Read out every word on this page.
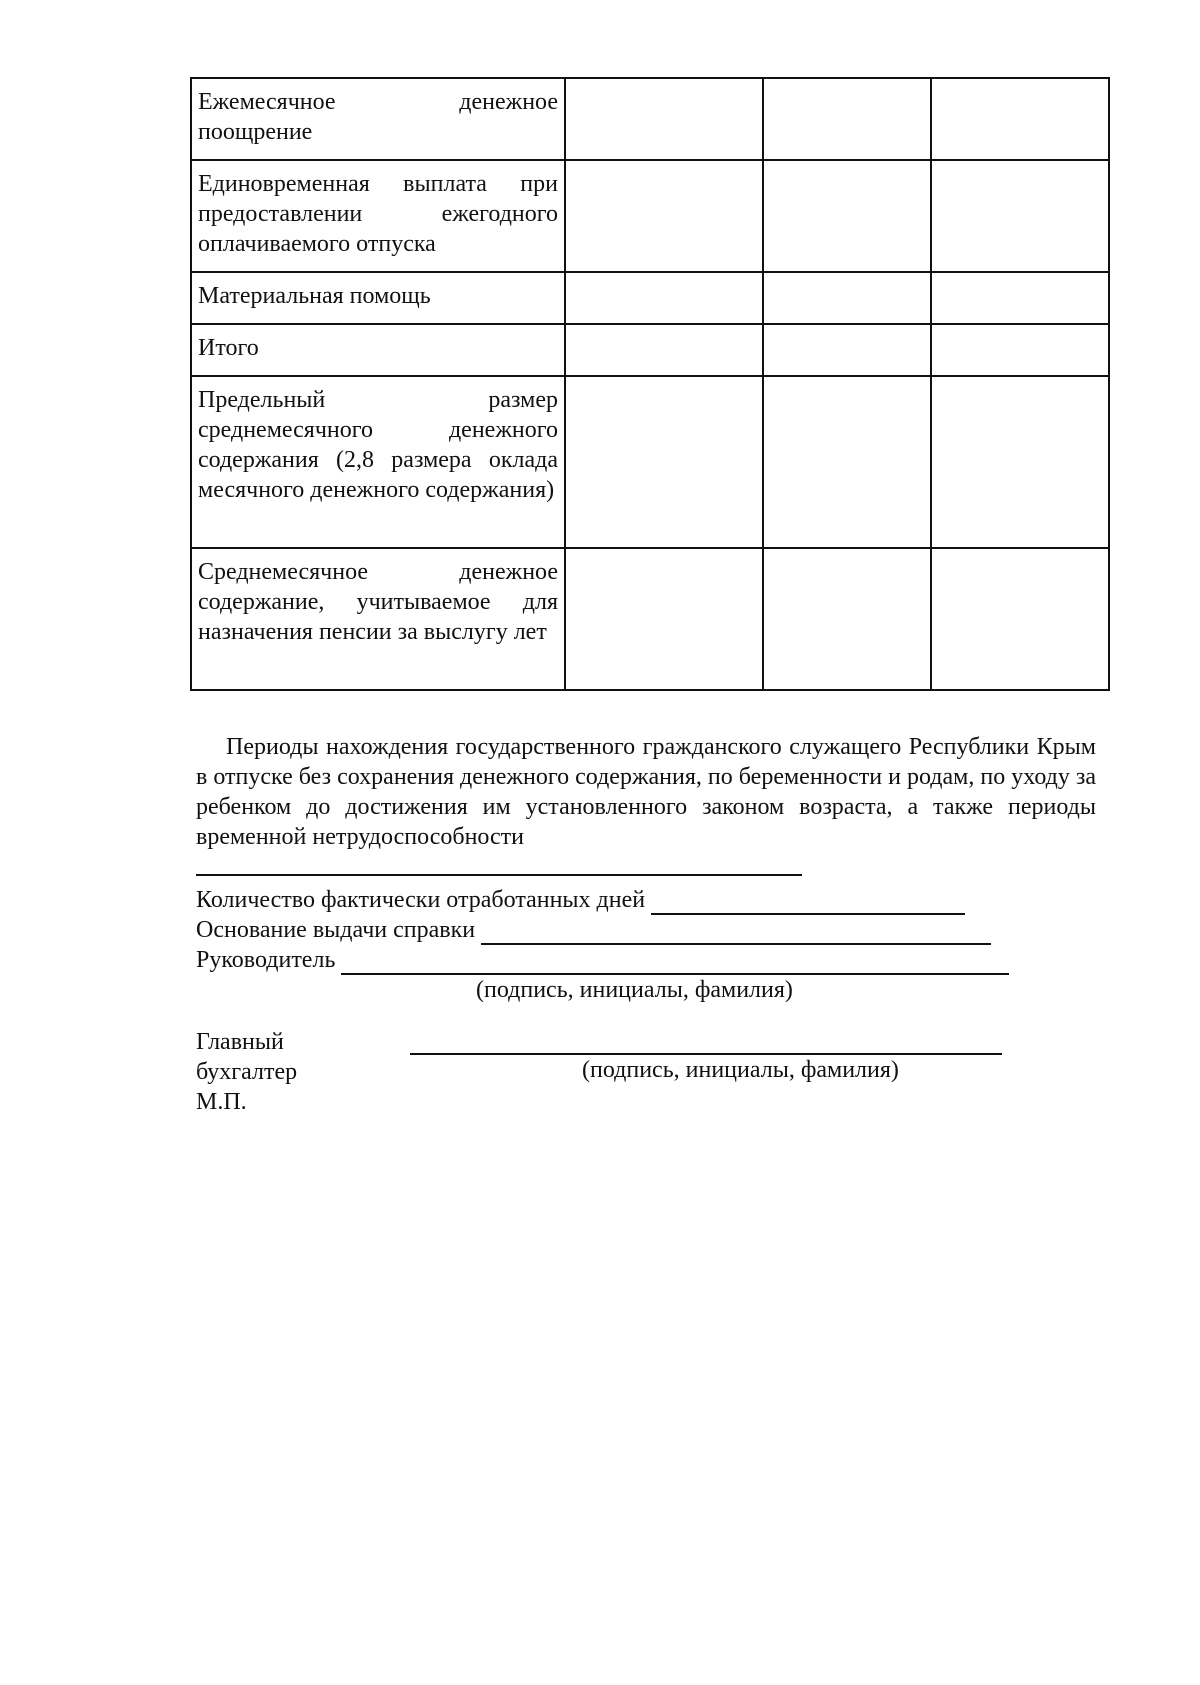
Ежемесячное денежное поощрение			
Единовременная выплата при предоставлении ежегодного оплачиваемого отпуска			
Материальная помощь			
Итого			
Предельный размер среднемесячного денежного содержания (2,8 размера оклада месячного денежного содержания)			
Среднемесячное денежное содержание, учитываемое для назначения пенсии за выслугу лет			
Периоды нахождения государственного гражданского служащего Республики Крым в отпуске без сохранения денежного содержания, по беременности и родам, по уходу за ребенком до достижения им установленного законом возраста, а также периоды временной нетрудоспособности
Количество фактически отработанных дней
Основание выдачи справки
Руководитель
(подпись, инициалы, фамилия)
Главный
бухгалтер
М.П.
(подпись, инициалы, фамилия)
